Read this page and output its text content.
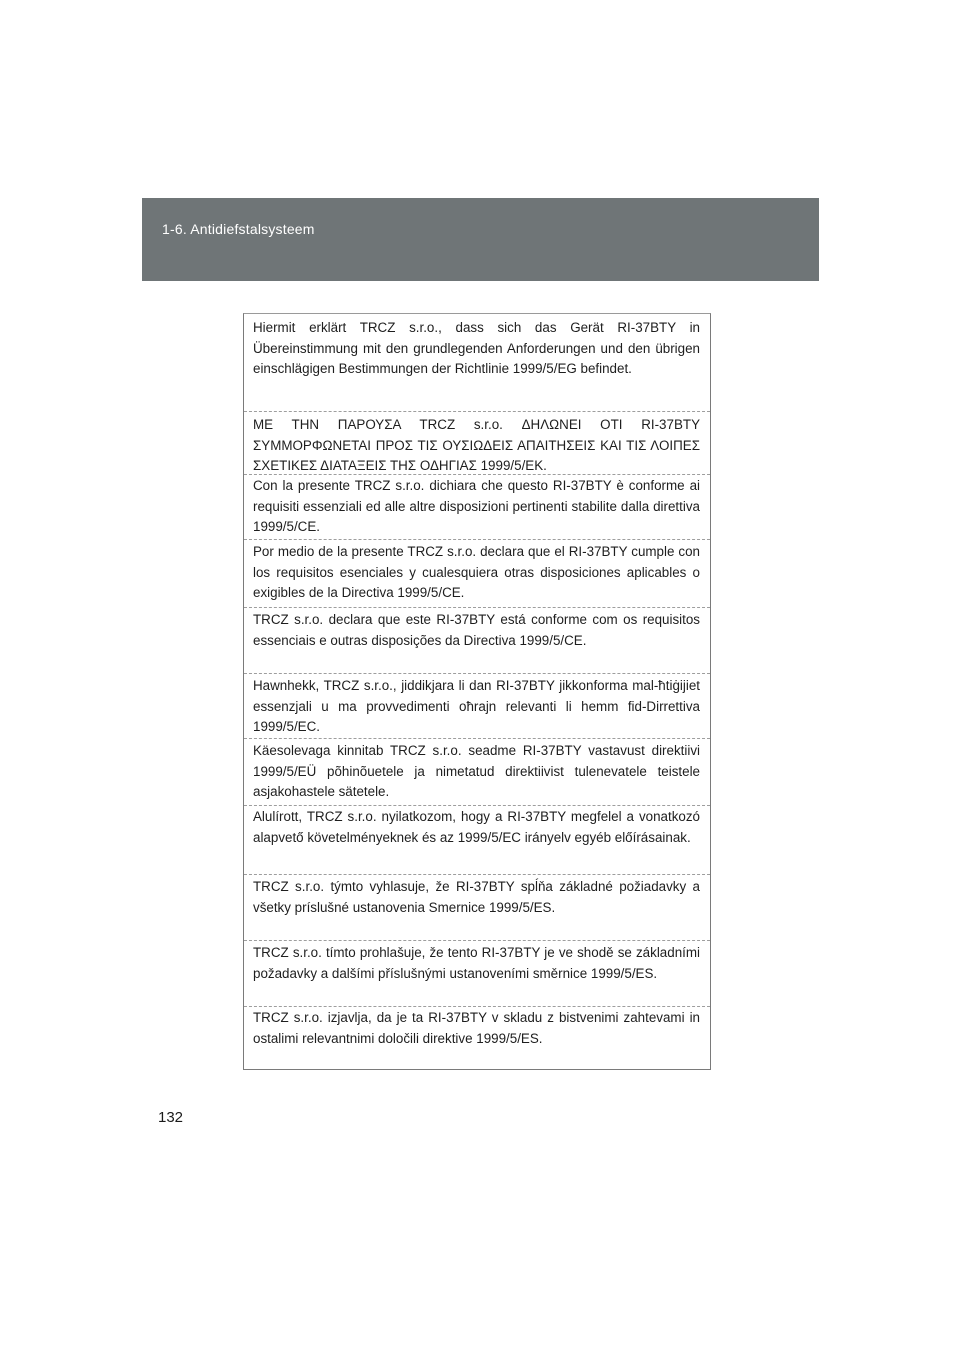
1-6. Antidiefstalsysteem

Hiermit erklärt TRCZ s.r.o., dass sich das Gerät RI-37BTY in Übereinstimmung mit den grundlegenden Anforderungen und den übrigen einschlägigen Bestimmungen der Richtlinie 1999/5/EG befindet.

ΜΕ ΤΗΝ ΠΑΡΟΥΣΑ TRCZ s.r.o. ΔΗΛΩΝΕΙ ΟΤΙ RI-37BTY ΣΥΜΜΟΡΦΩΝΕΤΑΙ ΠΡΟΣ ΤΙΣ ΟΥΣΙΩΔΕΙΣ ΑΠΑΙΤΗΣΕΙΣ ΚΑΙ ΤΙΣ ΛΟΙΠΕΣ ΣΧΕΤΙΚΕΣ ΔΙΑΤΑΞΕΙΣ ΤΗΣ ΟΔΗΓΙΑΣ 1999/5/ΕΚ.

Con la presente TRCZ s.r.o. dichiara che questo RI-37BTY è conforme ai requisiti essenziali ed alle altre disposizioni pertinenti stabilite dalla direttiva 1999/5/CE.

Por medio de la presente TRCZ s.r.o. declara que el RI-37BTY cumple con los requisitos esenciales y cualesquiera otras disposiciones aplicables o exigibles de la Directiva 1999/5/CE.

TRCZ s.r.o. declara que este RI-37BTY está conforme com os requisitos essenciais e outras disposições da Directiva 1999/5/CE.

Hawnhekk, TRCZ s.r.o., jiddikjara li dan RI-37BTY jikkonforma mal-ħtiġijiet essenzjali u ma provvedimenti oħrajn relevanti li hemm fid-Dirrettiva 1999/5/EC.

Käesolevaga kinnitab TRCZ s.r.o. seadme RI-37BTY vastavust direktiivi 1999/5/EÜ põhinõuetele ja nimetatud direktiivist tulenevatele teistele asjakohastele sätetele.

Alulírott, TRCZ s.r.o. nyilatkozom, hogy a RI-37BTY megfelel a vonatkozó alapvető követelményeknek és az 1999/5/EC irányelv egyéb előírásainak.

TRCZ s.r.o. týmto vyhlasuje, že RI-37BTY spĺňa základné požiadavky a všetky príslušné ustanovenia Smernice 1999/5/ES.

TRCZ s.r.o. tímto prohlašuje, že tento RI-37BTY je ve shodě se základními požadavky a dalšími příslušnými ustanoveními směrnice 1999/5/ES.

TRCZ s.r.o. izjavlja, da je ta RI-37BTY v skladu z bistvenimi zahtevami in ostalimi relevantnimi določili direktive 1999/5/ES.

132
